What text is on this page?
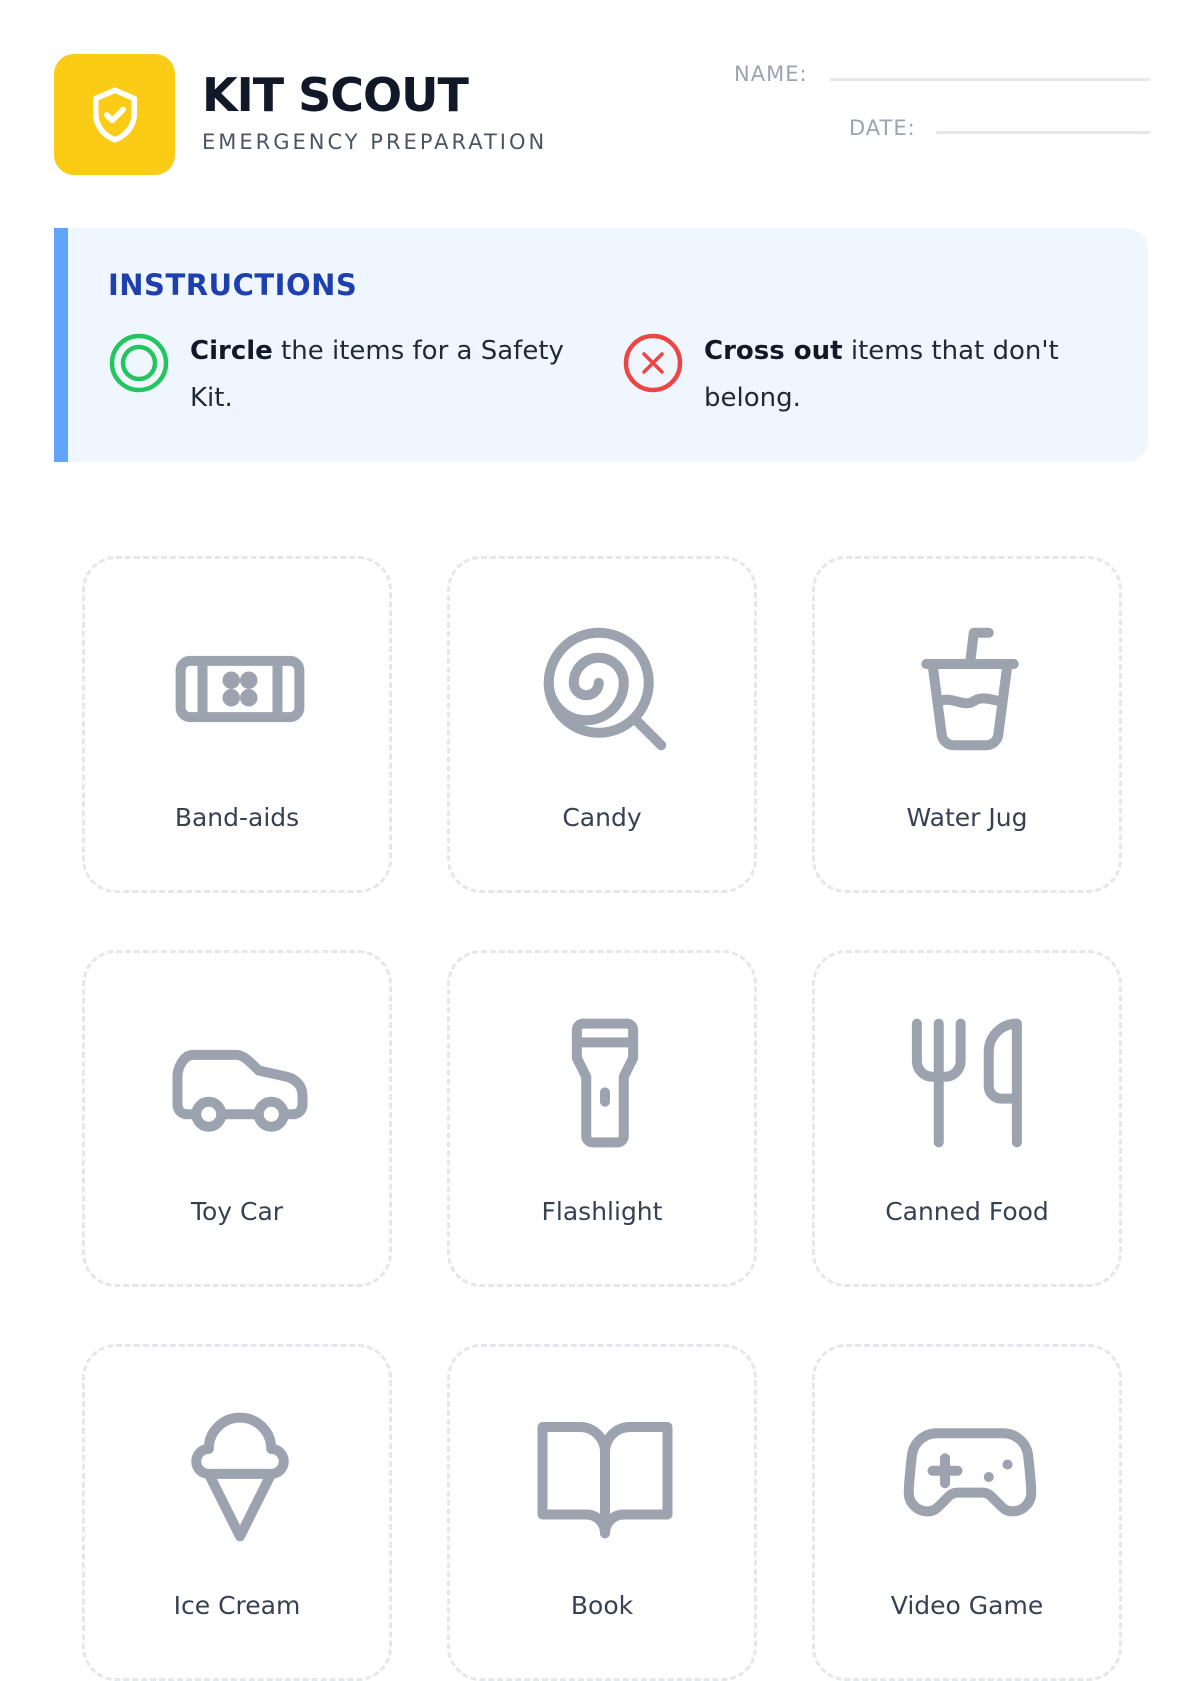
KIT SCOUT
EMERGENCY PREPARATION
NAME:
DATE:
INSTRUCTIONS
Circle the items for a Safety Kit.
Cross out items that don't belong.
Band-aids	Candy	Water Jug
Toy Car	Flashlight	Canned Food
Ice Cream	Book	Video Game
